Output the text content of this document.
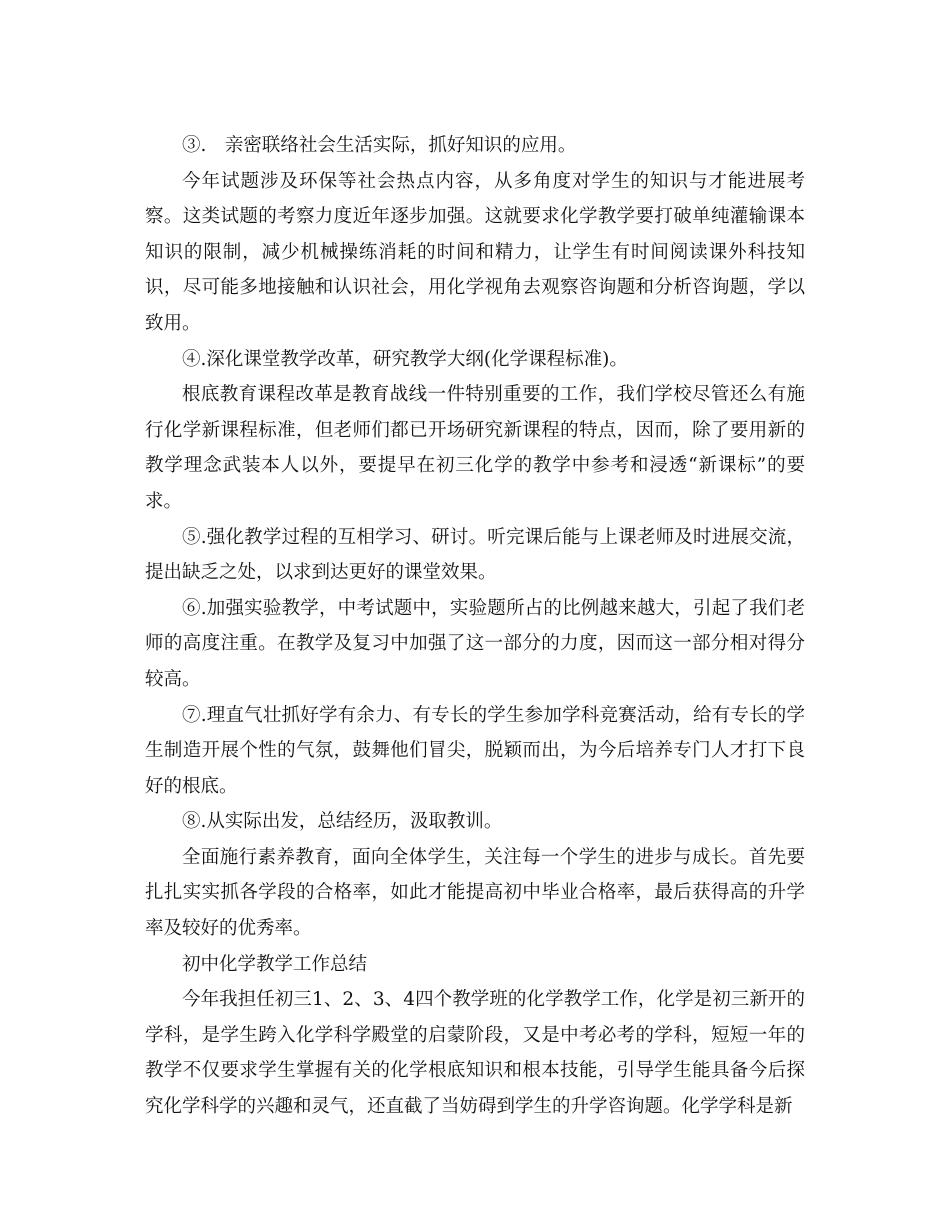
③.　亲密联络社会生活实际，抓好知识的应用。

今年试题涉及环保等社会热点内容，从多角度对学生的知识与才能进展考察。这类试题的考察力度近年逐步加强。这就要求化学教学要打破单纯灌输课本知识的限制，减少机械操练消耗的时间和精力，让学生有时间阅读课外科技知识，尽可能多地接触和认识社会，用化学视角去观察咨询题和分析咨询题，学以致用。

④.深化课堂教学改革，研究教学大纲(化学课程标准)。

根底教育课程改革是教育战线一件特别重要的工作，我们学校尽管还么有施行化学新课程标准，但老师们都已开场研究新课程的特点，因而，除了要用新的教学理念武装本人以外，要提早在初三化学的教学中参考和浸透“新课标”的要求。

⑤.强化教学过程的互相学习、研讨。听完课后能与上课老师及时进展交流，提出缺乏之处，以求到达更好的课堂效果。

⑥.加强实验教学，中考试题中，实验题所占的比例越来越大，引起了我们老师的高度注重。在教学及复习中加强了这一部分的力度，因而这一部分相对得分较高。

⑦.理直气壮抓好学有余力、有专长的学生参加学科竞赛活动，给有专长的学生制造开展个性的气氛，鼓舞他们冒尖，脱颖而出，为今后培养专门人才打下良好的根底。

⑧.从实际出发，总结经历，汲取教训。

全面施行素养教育，面向全体学生，关注每一个学生的进步与成长。首先要扎扎实实抓各学段的合格率，如此才能提高初中毕业合格率，最后获得高的升学率及较好的优秀率。

初中化学教学工作总结

今年我担任初三1、2、3、4四个教学班的化学教学工作，化学是初三新开的学科，是学生跨入化学科学殿堂的启蒙阶段，又是中考必考的学科，短短一年的教学不仅要求学生掌握有关的化学根底知识和根本技能，引导学生能具备今后探究化学科学的兴趣和灵气，还直截了当妨碍到学生的升学咨询题。化学学科是新
